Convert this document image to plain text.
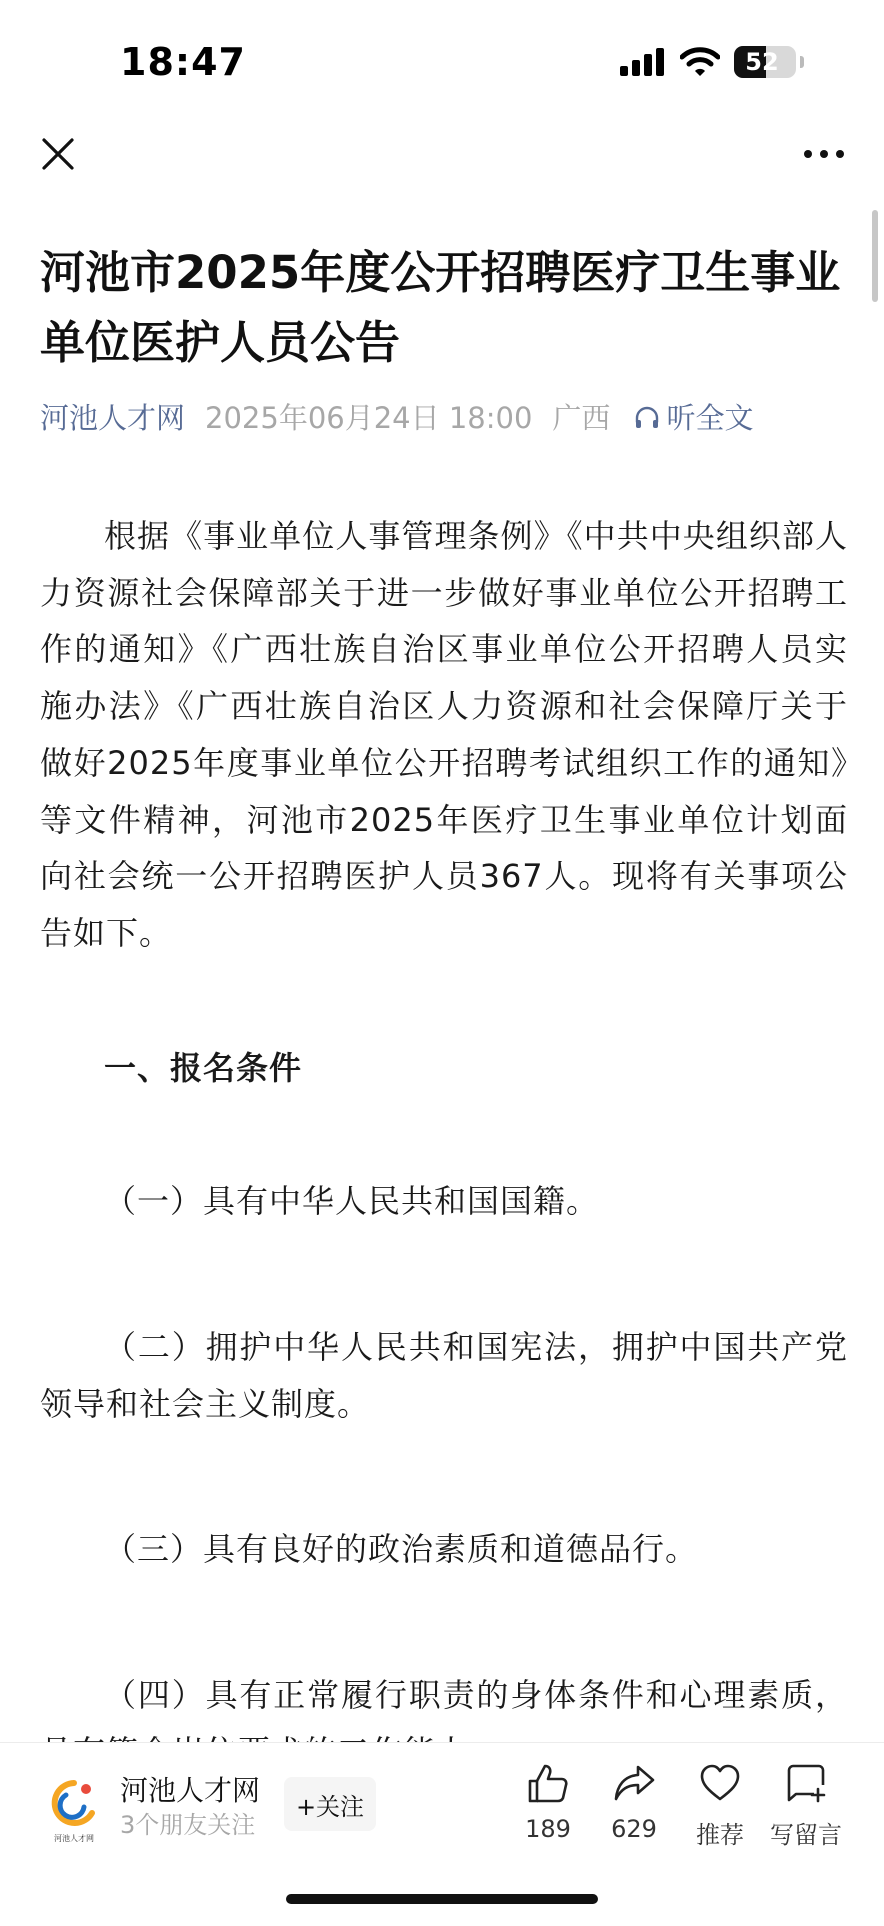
18:47	52
河池市2025年度公开招聘医疗卫生事业单位医护人员公告
河池人才网 2025年06月24日 18:00 广西 听全文

根据《事业单位人事管理条例》《中共中央组织部人力资源社会保障部关于进一步做好事业单位公开招聘工作的通知》《广西壮族自治区事业单位公开招聘人员实施办法》《广西壮族自治区人力资源和社会保障厅关于做好2025年度事业单位公开招聘考试组织工作的通知》等文件精神，河池市2025年医疗卫生事业单位计划面向社会统一公开招聘医护人员367人。现将有关事项公告如下。

一、报名条件

（一）具有中华人民共和国国籍。

（二）拥护中华人民共和国宪法，拥护中国共产党领导和社会主义制度。

（三）具有良好的政治素质和道德品行。

（四）具有正常履行职责的身体条件和心理素质，

河池人才网
河池人才网
3个朋友关注
+关注
189 629 推荐 写留言
